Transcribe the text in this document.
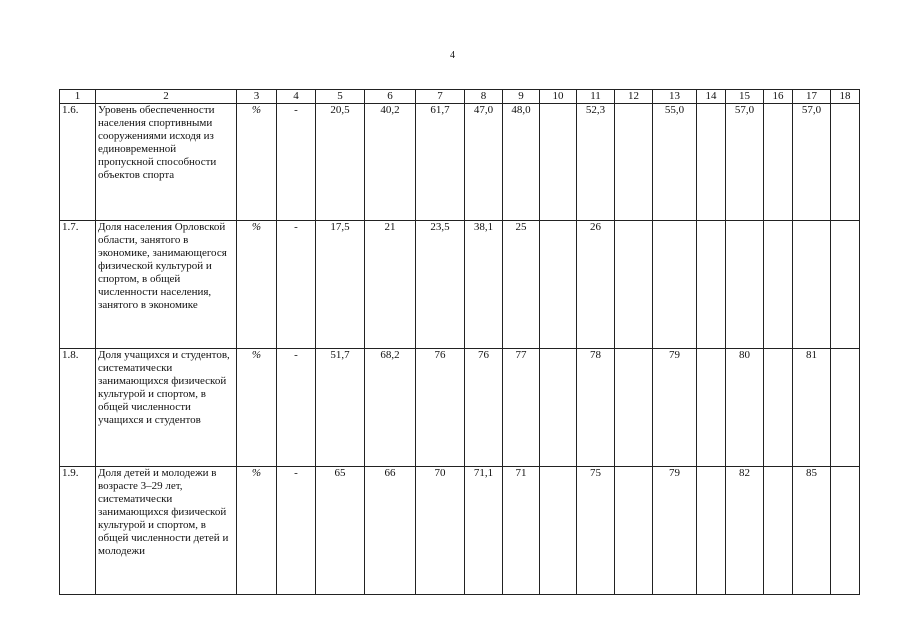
4
1	2	3	4	5	6	7	8	9	10	11	12	13	14	15	16	17	18
1.6.	Уровень обеспеченности населения спортивными сооружениями исходя из единовременной пропускной способности объектов спорта	%	-	20,5	40,2	61,7	47,0	48,0		52,3		55,0		57,0		57,0	
1.7.	Доля населения Орловской области, занятого в экономике, занимающегося физической культурой и спортом, в общей численности населения, занятого в экономике	%	-	17,5	21	23,5	38,1	25		26							
1.8.	Доля учащихся и студентов, систематически занимающихся физической культурой и спортом, в общей численности учащихся и студентов	%	-	51,7	68,2	76	76	77		78		79		80		81	
1.9.	Доля детей и молодежи в возрасте 3–29 лет, систематически занимающихся физической культурой и спортом, в общей численности детей и молодежи	%	-	65	66	70	71,1	71		75		79		82		85	
